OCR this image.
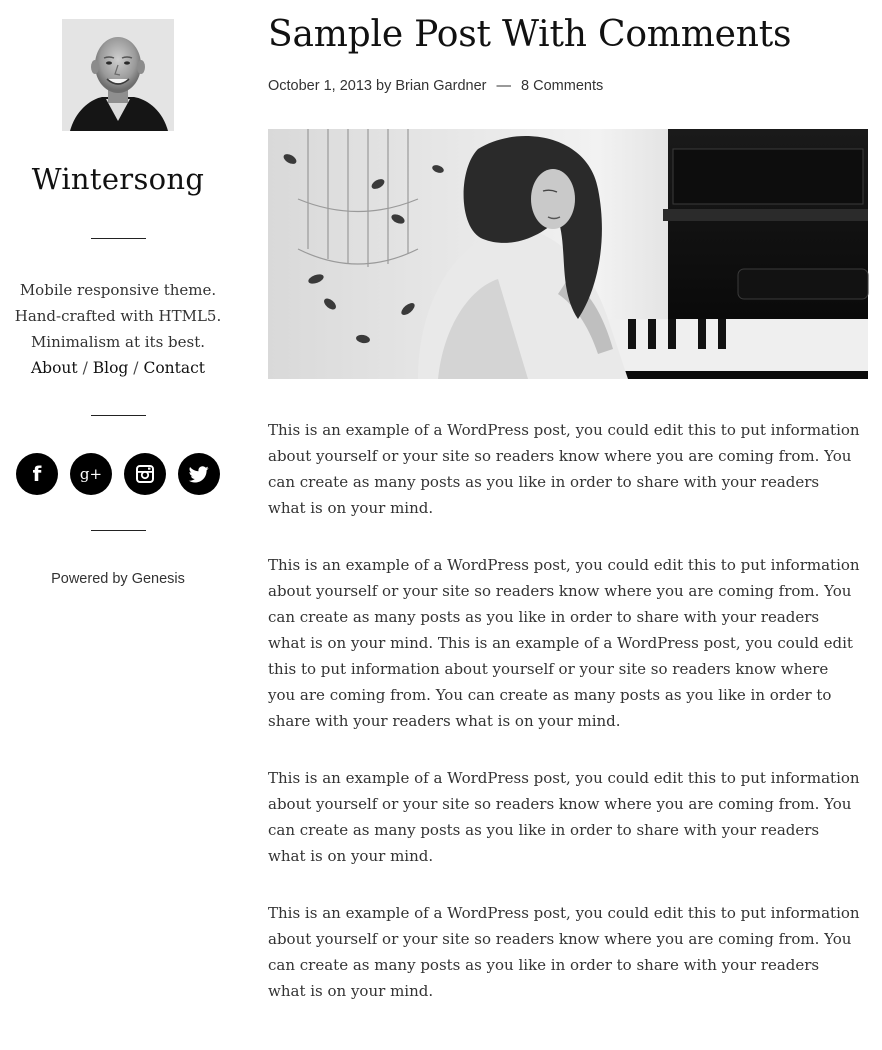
Wintersong
Mobile responsive theme.
Hand-crafted with HTML5.
Minimalism at its best.
About / Blog / Contact
f	g+
Powered by Genesis
Sample Post With Comments
October 1, 2013 by Brian Gardner — 8 Comments

This is an example of a WordPress post, you could edit this to put information about yourself or your site so readers know where you are coming from. You can create as many posts as you like in order to share with your readers what is on your mind.

This is an example of a WordPress post, you could edit this to put information about yourself or your site so readers know where you are coming from. You can create as many posts as you like in order to share with your readers what is on your mind. This is an example of a WordPress post, you could edit this to put information about yourself or your site so readers know where you are coming from. You can create as many posts as you like in order to share with your readers what is on your mind.

This is an example of a WordPress post, you could edit this to put information about yourself or your site so readers know where you are coming from. You can create as many posts as you like in order to share with your readers what is on your mind.

This is an example of a WordPress post, you could edit this to put information about yourself or your site so readers know where you are coming from. You can create as many posts as you like in order to share with your readers what is on your mind.
